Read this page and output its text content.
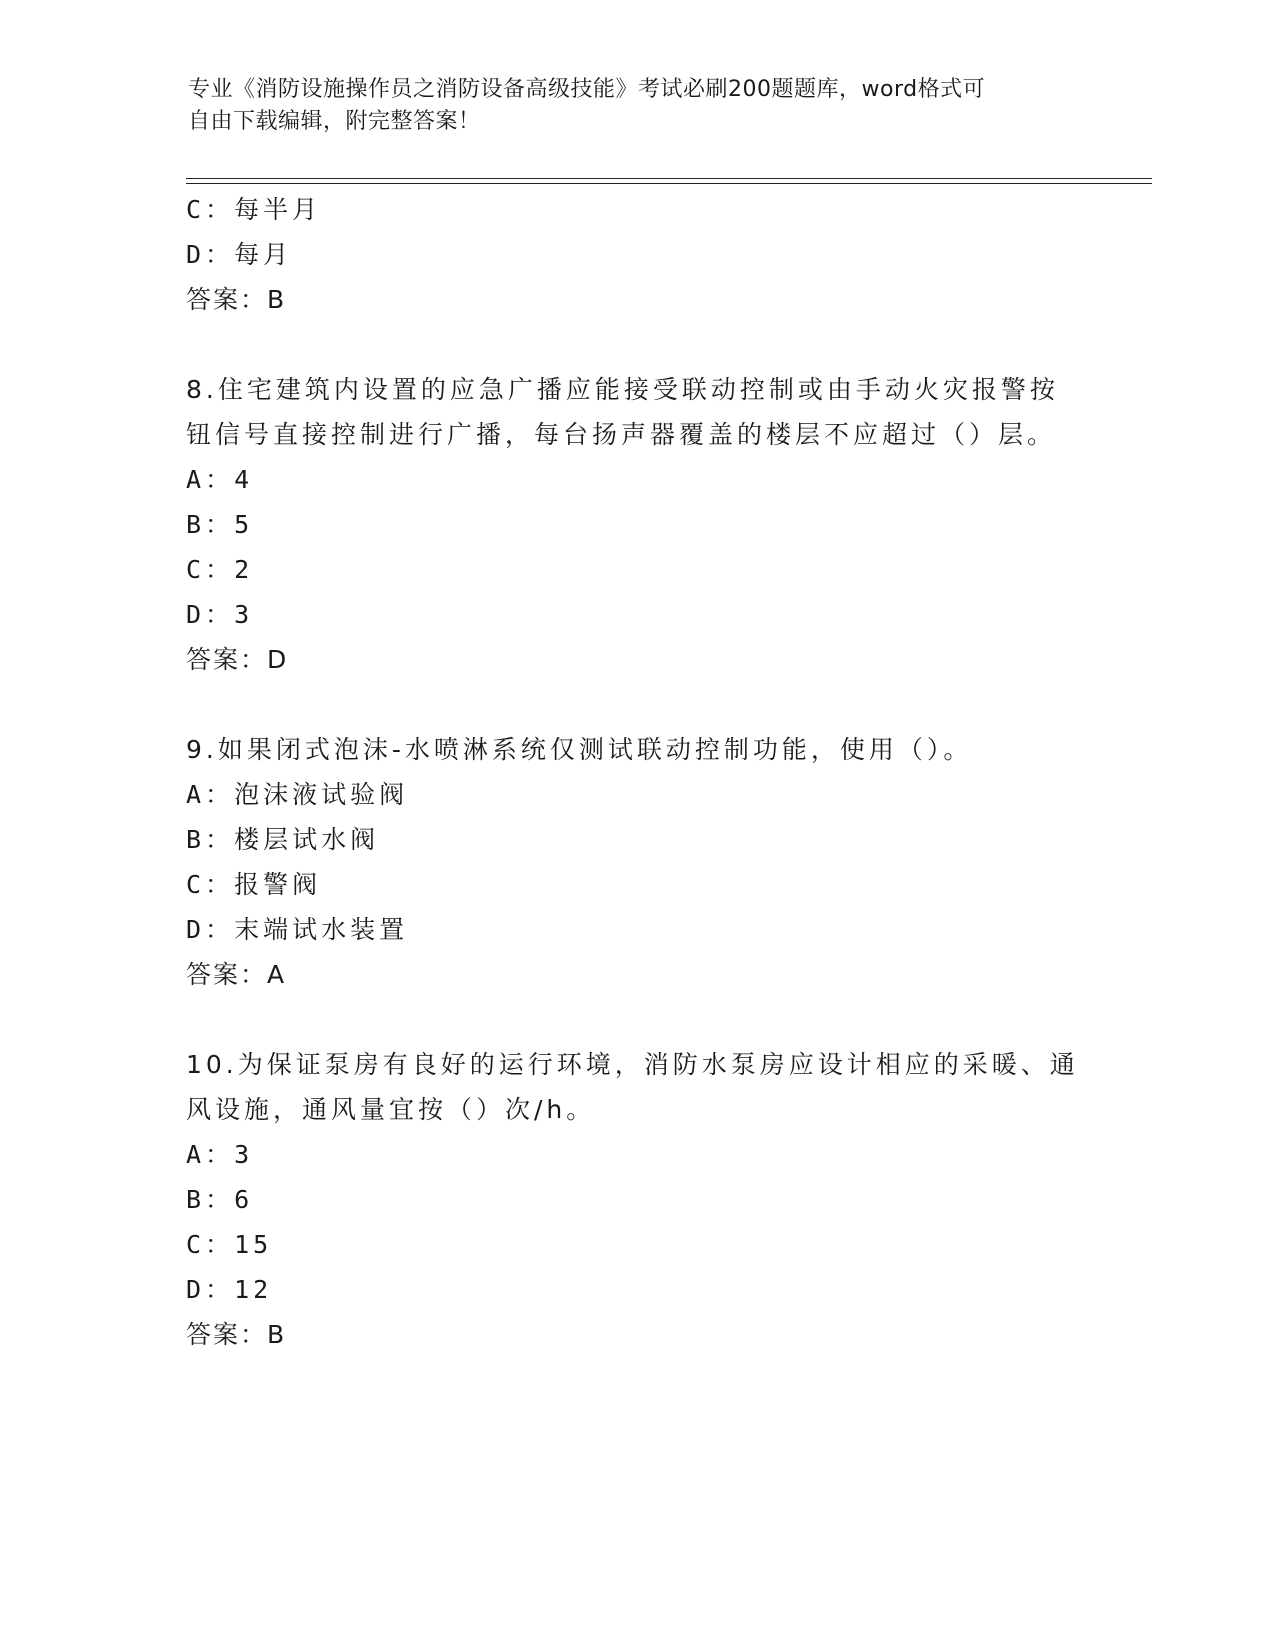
专业《消防设施操作员之消防设备高级技能》考试必刷200题题库，word格式可
自由下载编辑，附完整答案！
C：每半月
D：每月
答案：B
8.住宅建筑内设置的应急广播应能接受联动控制或由手动火灾报警按
钮信号直接控制进行广播，每台扬声器覆盖的楼层不应超过（）层。
A：4
B：5
C：2
D：3
答案：D
9.如果闭式泡沫-水喷淋系统仅测试联动控制功能，使用（）。
A：泡沫液试验阀
B：楼层试水阀
C：报警阀
D：末端试水装置
答案：A
10.为保证泵房有良好的运行环境，消防水泵房应设计相应的采暖、通
风设施，通风量宜按（）次/h。
A：3
B：6
C：15
D：12
答案：B
